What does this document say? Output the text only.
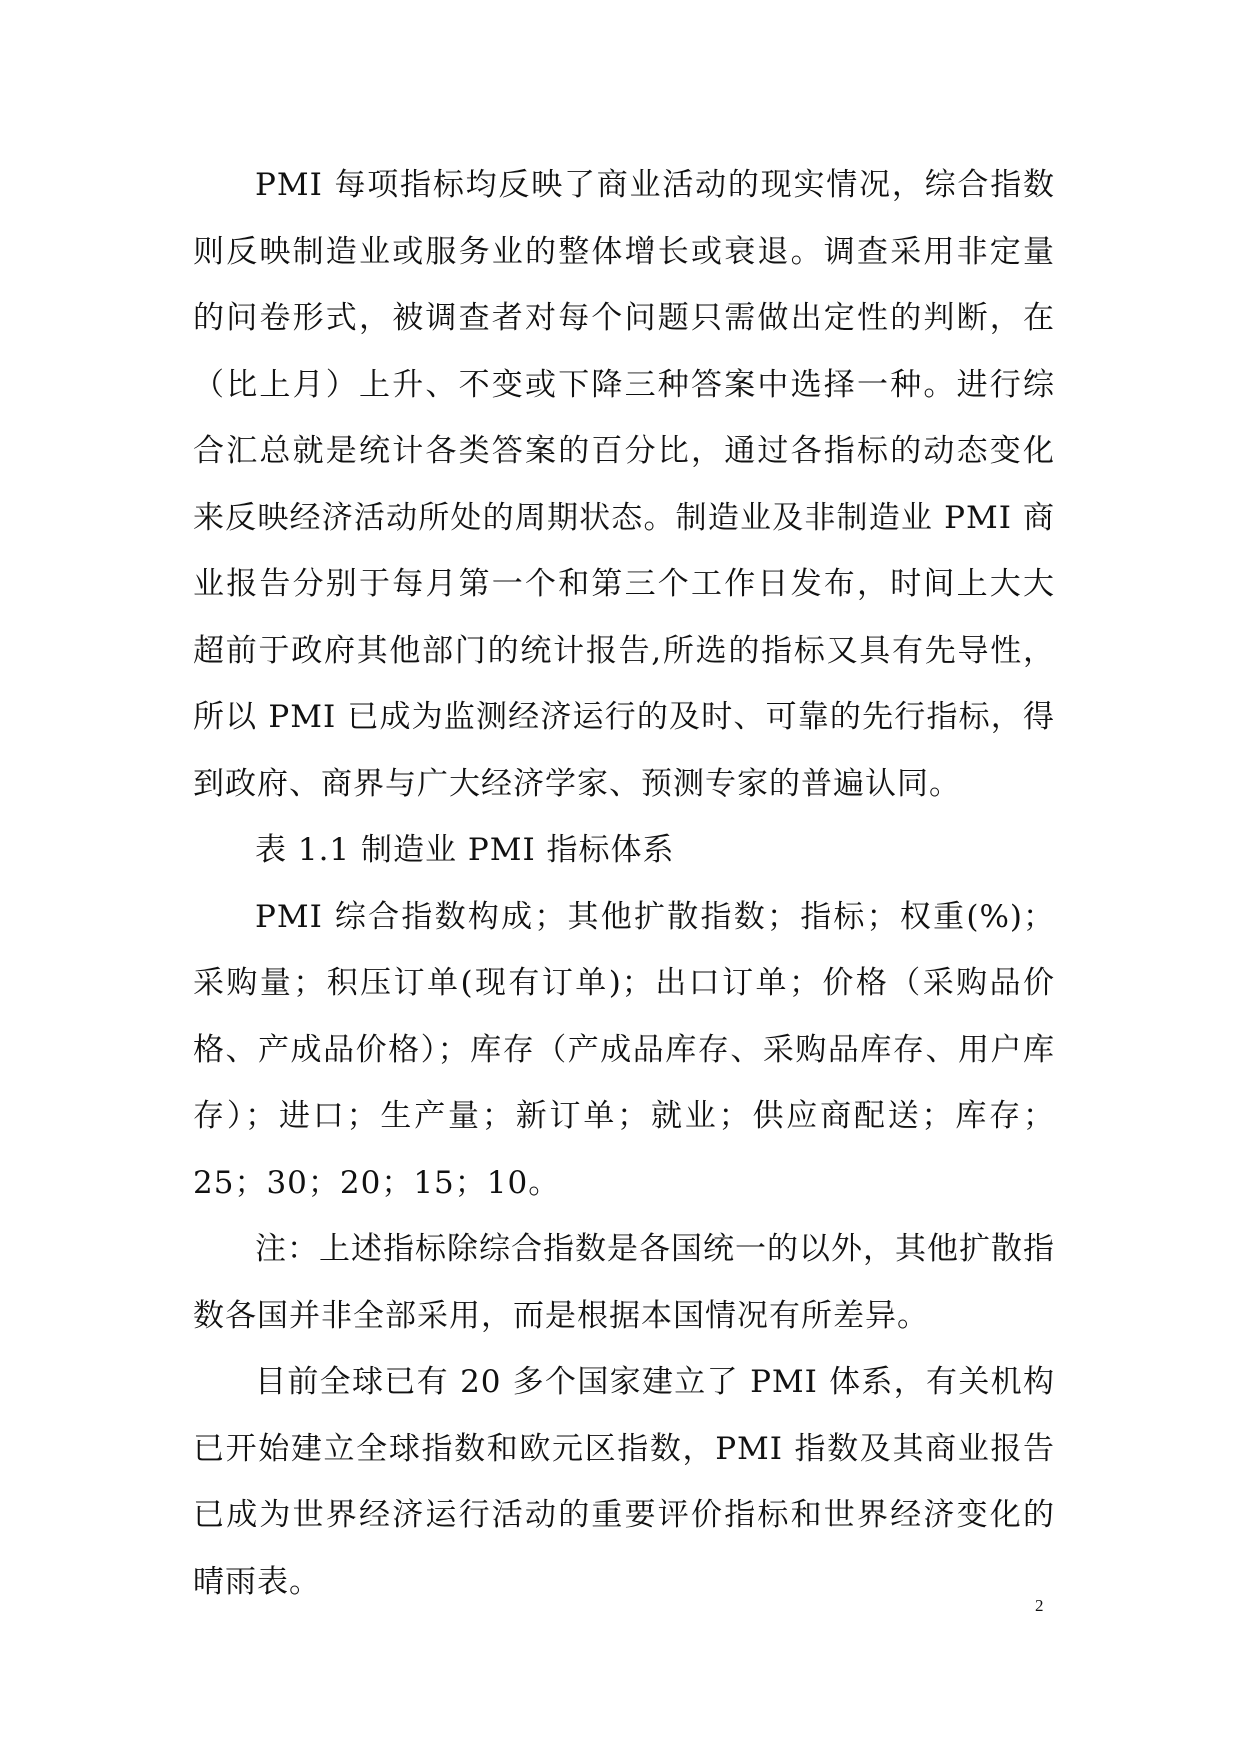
PMI 每项指标均反映了商业活动的现实情况，综合指数则反映制造业或服务业的整体增长或衰退。调查采用非定量的问卷形式，被调查者对每个问题只需做出定性的判断，在（比上月）上升、不变或下降三种答案中选择一种。进行综合汇总就是统计各类答案的百分比，通过各指标的动态变化来反映经济活动所处的周期状态。制造业及非制造业 PMI 商业报告分别于每月第一个和第三个工作日发布，时间上大大超前于政府其他部门的统计报告,所选的指标又具有先导性，所以 PMI 已成为监测经济运行的及时、可靠的先行指标，得到政府、商界与广大经济学家、预测专家的普遍认同。

表 1.1 制造业 PMI 指标体系

PMI 综合指数构成；其他扩散指数；指标；权重(%)；采购量；积压订单(现有订单)；出口订单；价格（采购品价格、产成品价格）；库存（产成品库存、采购品库存、用户库存）；进口；生产量；新订单；就业；供应商配送；库存；25；30；20；15；10。

注：上述指标除综合指数是各国统一的以外，其他扩散指数各国并非全部采用，而是根据本国情况有所差异。

目前全球已有 20 多个国家建立了 PMI 体系，有关机构已开始建立全球指数和欧元区指数，PMI 指数及其商业报告已成为世界经济运行活动的重要评价指标和世界经济变化的晴雨表。

2
